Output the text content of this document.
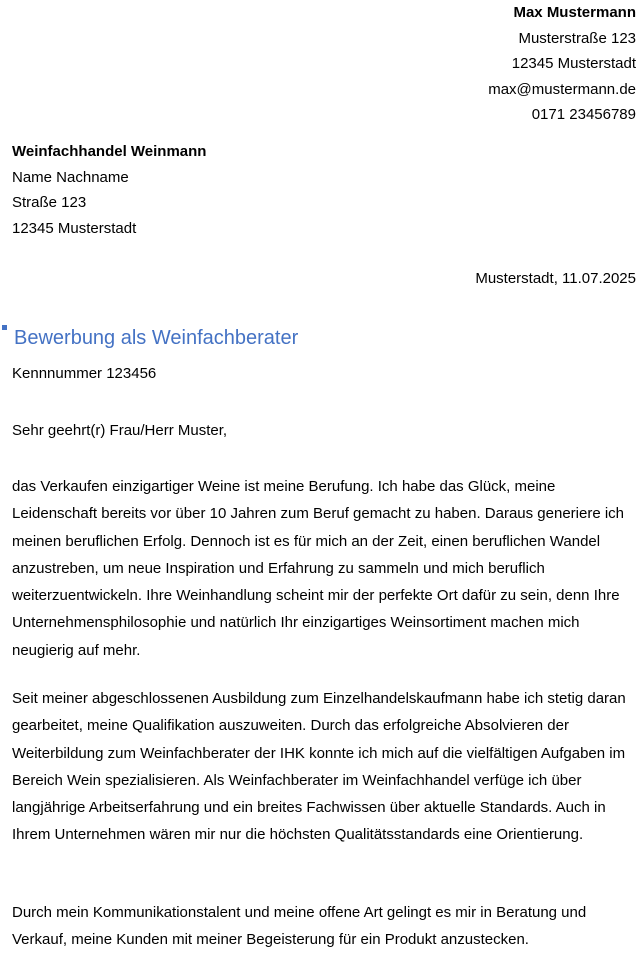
Max Mustermann
Musterstraße 123
12345 Musterstadt
max@mustermann.de
0171 23456789
Weinfachhandel Weinmann
Name Nachname
Straße 123
12345 Musterstadt
Musterstadt, 11.07.2025
Bewerbung als Weinfachberater
Kennnummer 123456
Sehr geehrt(r) Frau/Herr Muster,
das Verkaufen einzigartiger Weine ist meine Berufung. Ich habe das Glück, meine Leidenschaft bereits vor über 10 Jahren zum Beruf gemacht zu haben. Daraus generiere ich meinen beruflichen Erfolg. Dennoch ist es für mich an der Zeit, einen beruflichen Wandel anzustreben, um neue Inspiration und Erfahrung zu sammeln und mich beruflich weiterzuentwickeln. Ihre Weinhandlung scheint mir der perfekte Ort dafür zu sein, denn Ihre Unternehmensphilosophie und natürlich Ihr einzigartiges Weinsortiment machen mich neugierig auf mehr.
Seit meiner abgeschlossenen Ausbildung zum Einzelhandelskaufmann habe ich stetig daran gearbeitet, meine Qualifikation auszuweiten. Durch das erfolgreiche Absolvieren der Weiterbildung zum Weinfachberater der IHK konnte ich mich auf die vielfältigen Aufgaben im Bereich Wein spezialisieren. Als Weinfachberater im Weinfachhandel verfüge ich über langjährige Arbeitserfahrung und ein breites Fachwissen über aktuelle Standards. Auch in Ihrem Unternehmen wären mir nur die höchsten Qualitätsstandards eine Orientierung.
Durch mein Kommunikationstalent und meine offene Art gelingt es mir in Beratung und Verkauf, meine Kunden mit meiner Begeisterung für ein Produkt anzustecken.
